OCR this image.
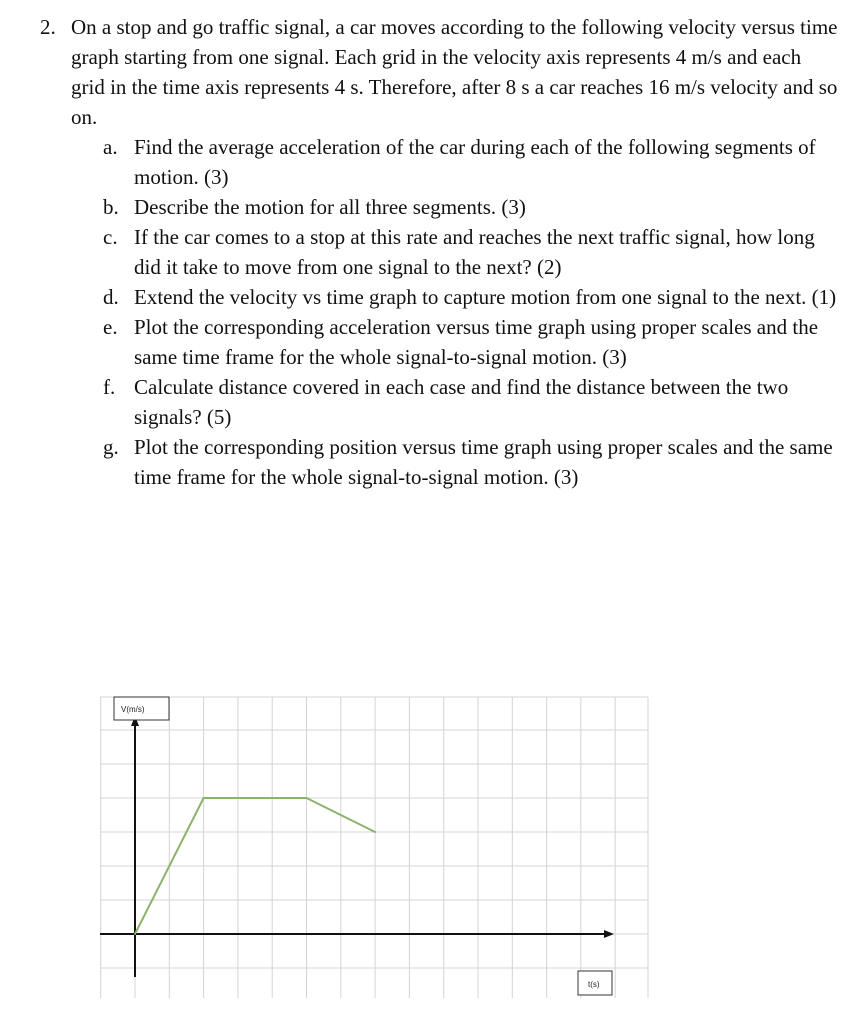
2. On a stop and go traffic signal, a car moves according to the following velocity versus time graph starting from one signal. Each grid in the velocity axis represents 4 m/s and each grid in the time axis represents 4 s. Therefore, after 8 s a car reaches 16 m/s velocity and so on.
a. Find the average acceleration of the car during each of the following segments of motion. (3)
b. Describe the motion for all three segments. (3)
c. If the car comes to a stop at this rate and reaches the next traffic signal, how long did it take to move from one signal to the next? (2)
d. Extend the velocity vs time graph to capture motion from one signal to the next. (1)
e. Plot the corresponding acceleration versus time graph using proper scales and the same time frame for the whole signal-to-signal motion. (3)
f. Calculate distance covered in each case and find the distance between the two signals? (5)
g. Plot the corresponding position versus time graph using proper scales and the same time frame for the whole signal-to-signal motion. (3)
V(m/s)
t(s)
